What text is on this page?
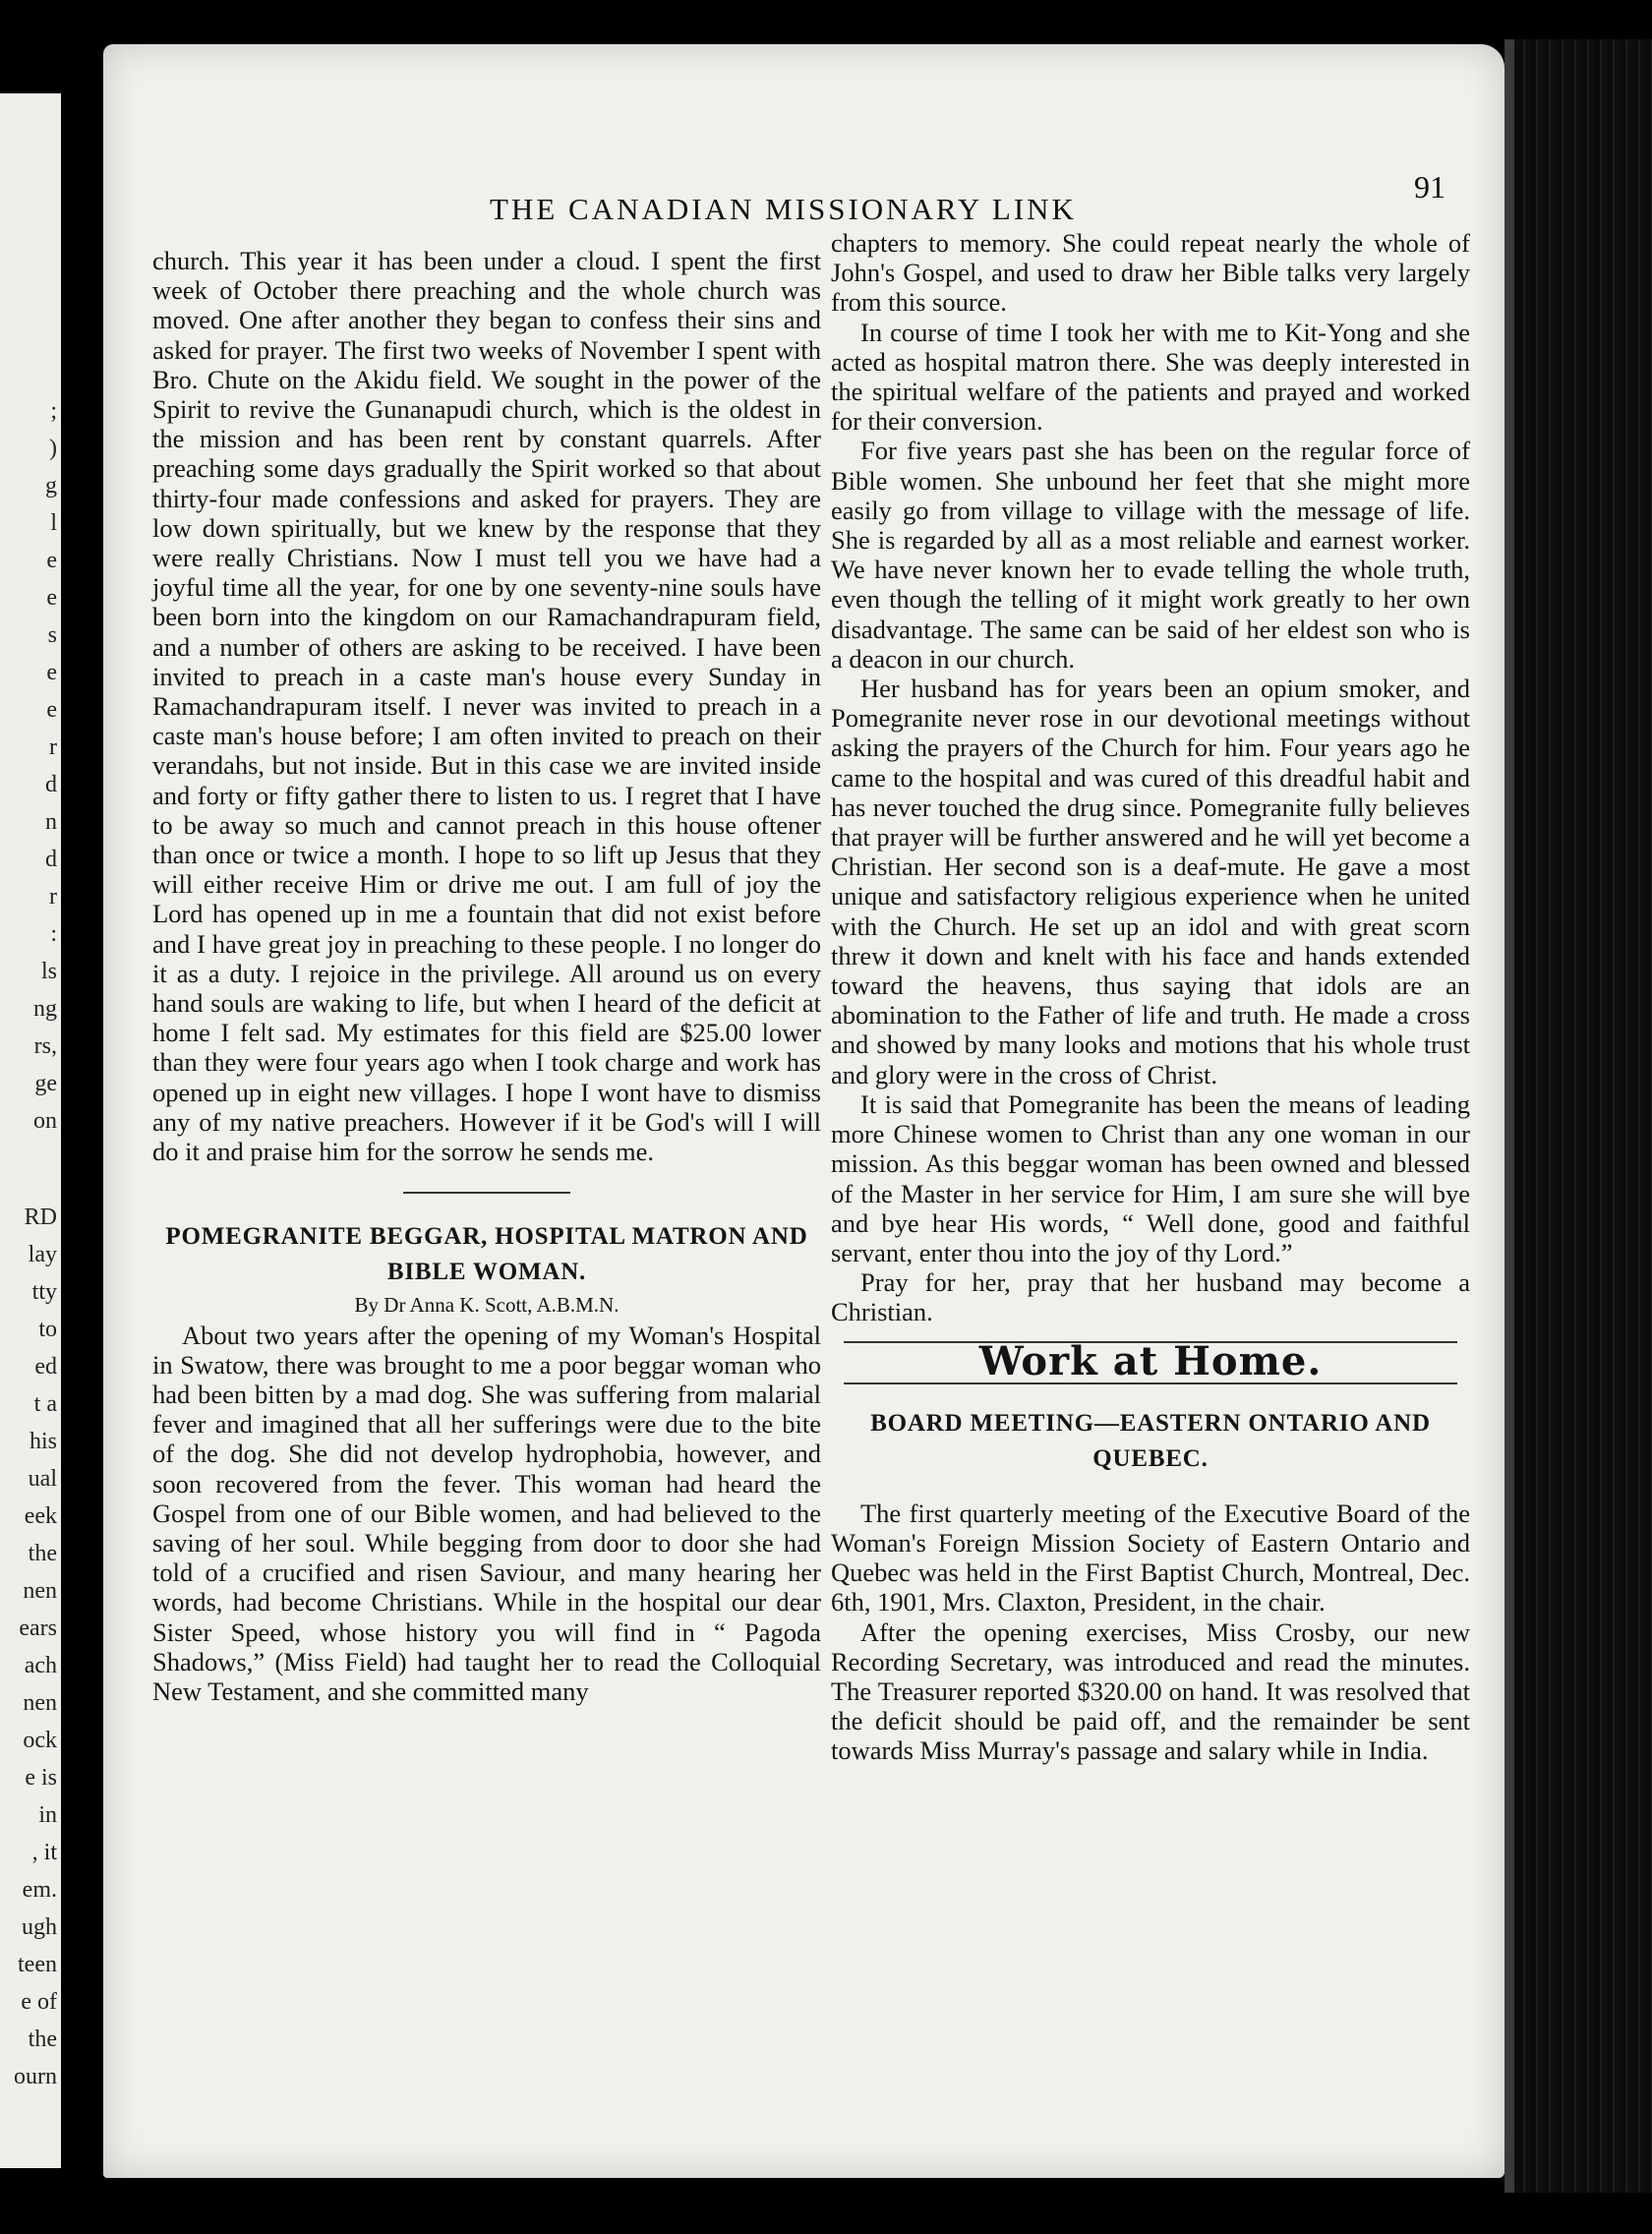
;
)
g
l
e
e
s
e
e
r
d
n
d
r
:
ls
ng
rs,
ge
on
RD
lay
tty
to
ed
t a
his
ual
eek
the
nen
ears
ach
nen
ock
e is
in
, it
em.
ugh
teen
e of
the
ourn
THE CANADIAN MISSIONARY LINK
91

church. This year it has been under a cloud. I spent the first week of October there preaching and the whole church was moved. One after another they began to confess their sins and asked for prayer. The first two weeks of November I spent with Bro. Chute on the Akidu field. We sought in the power of the Spirit to revive the Gunanapudi church, which is the oldest in the mission and has been rent by constant quarrels. After preaching some days gradually the Spirit worked so that about thirty-four made confessions and asked for prayers. They are low down spiritually, but we knew by the response that they were really Christians. Now I must tell you we have had a joyful time all the year, for one by one seventy-nine souls have been born into the kingdom on our Ramachandrapuram field, and a number of others are asking to be received. I have been invited to preach in a caste man's house every Sunday in Ramachandrapuram itself. I never was invited to preach in a caste man's house before; I am often invited to preach on their verandahs, but not inside. But in this case we are invited inside and forty or fifty gather there to listen to us. I regret that I have to be away so much and cannot preach in this house oftener than once or twice a month. I hope to so lift up Jesus that they will either receive Him or drive me out. I am full of joy the Lord has opened up in me a fountain that did not exist before and I have great joy in preaching to these people. I no longer do it as a duty. I rejoice in the privilege. All around us on every hand souls are waking to life, but when I heard of the deficit at home I felt sad. My estimates for this field are $25.00 lower than they were four years ago when I took charge and work has opened up in eight new villages. I hope I wont have to dismiss any of my native preachers. However if it be God's will I will do it and praise him for the sorrow he sends me.

POMEGRANITE BEGGAR, HOSPITAL MATRON AND BIBLE WOMAN.

By Dr Anna K. Scott, A.B.M.N.

About two years after the opening of my Woman's Hospital in Swatow, there was brought to me a poor beggar woman who had been bitten by a mad dog. She was suffering from malarial fever and imagined that all her sufferings were due to the bite of the dog. She did not develop hydrophobia, however, and soon recovered from the fever. This woman had heard the Gospel from one of our Bible women, and had believed to the saving of her soul. While begging from door to door she had told of a crucified and risen Saviour, and many hearing her words, had become Christians. While in the hospital our dear Sister Speed, whose history you will find in “ Pagoda Shadows,” (Miss Field) had taught her to read the Colloquial New Testament, and she committed many

chapters to memory. She could repeat nearly the whole of John's Gospel, and used to draw her Bible talks very largely from this source.

In course of time I took her with me to Kit-Yong and she acted as hospital matron there. She was deeply interested in the spiritual welfare of the patients and prayed and worked for their conversion.

For five years past she has been on the regular force of Bible women. She unbound her feet that she might more easily go from village to village with the message of life. She is regarded by all as a most reliable and earnest worker. We have never known her to evade telling the whole truth, even though the telling of it might work greatly to her own disadvantage. The same can be said of her eldest son who is a deacon in our church.

Her husband has for years been an opium smoker, and Pomegranite never rose in our devotional meetings without asking the prayers of the Church for him. Four years ago he came to the hospital and was cured of this dreadful habit and has never touched the drug since. Pomegranite fully believes that prayer will be further answered and he will yet become a Christian. Her second son is a deaf-mute. He gave a most unique and satisfactory religious experience when he united with the Church. He set up an idol and with great scorn threw it down and knelt with his face and hands extended toward the heavens, thus saying that idols are an abomination to the Father of life and truth. He made a cross and showed by many looks and motions that his whole trust and glory were in the cross of Christ.

It is said that Pomegranite has been the means of leading more Chinese women to Christ than any one woman in our mission. As this beggar woman has been owned and blessed of the Master in her service for Him, I am sure she will bye and bye hear His words, “ Well done, good and faithful servant, enter thou into the joy of thy Lord.”

Pray for her, pray that her husband may become a Christian.

Work at Home.

BOARD MEETING—EASTERN ONTARIO AND QUEBEC.

The first quarterly meeting of the Executive Board of the Woman's Foreign Mission Society of Eastern Ontario and Quebec was held in the First Baptist Church, Montreal, Dec. 6th, 1901, Mrs. Claxton, President, in the chair.

After the opening exercises, Miss Crosby, our new Recording Secretary, was introduced and read the minutes. The Treasurer reported $320.00 on hand. It was resolved that the deficit should be paid off, and the remainder be sent towards Miss Murray's passage and salary while in India.
